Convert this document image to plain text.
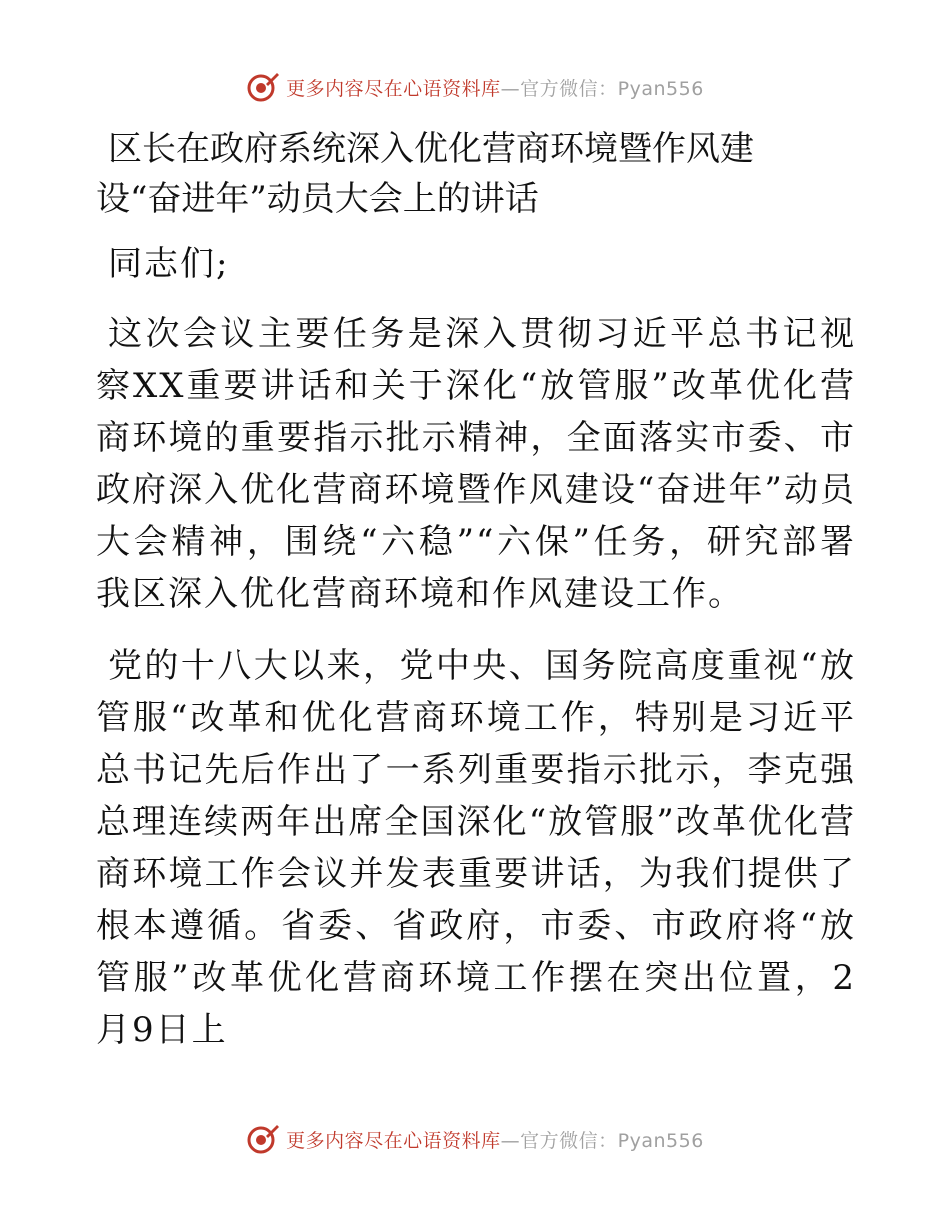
更多内容尽在心语资料库—官方微信：Pyan556
区长在政府系统深入优化营商环境暨作风建
设“奋进年”动员大会上的讲话

同志们;

这次会议主要任务是深入贯彻习近平总书记视察XX重要讲话和关于深化“放管服”改革优化营商环境的重要指示批示精神，全面落实市委、市政府深入优化营商环境暨作风建设“奋进年”动员大会精神，围绕“六稳”“六保”任务，研究部署我区深入优化营商环境和作风建设工作。

党的十八大以来，党中央、国务院高度重视“放管服“改革和优化营商环境工作，特别是习近平总书记先后作出了一系列重要指示批示，李克强总理连续两年出席全国深化“放管服”改革优化营商环境工作会议并发表重要讲话，为我们提供了根本遵循。省委、省政府，市委、市政府将“放管服”改革优化营商环境工作摆在突出位置，2月9日上

更多内容尽在心语资料库—官方微信：Pyan556
